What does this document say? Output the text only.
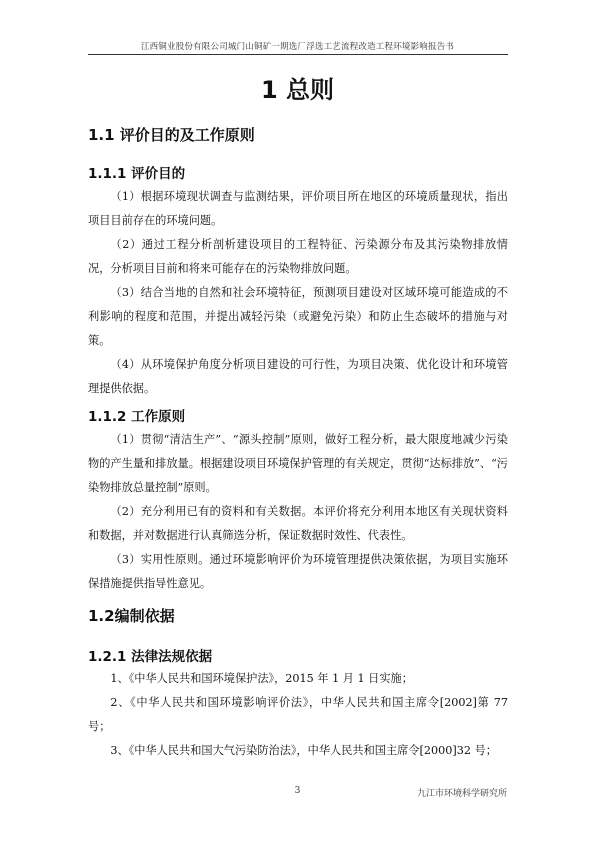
江西铜业股份有限公司城门山铜矿一期选厂浮选工艺流程改造工程环境影响报告书
1 总则
1.1 评价目的及工作原则
1.1.1 评价目的

（1）根据环境现状调查与监测结果，评价项目所在地区的环境质量现状，指出项目目前存在的环境问题。

（2）通过工程分析剖析建设项目的工程特征、污染源分布及其污染物排放情况，分析项目目前和将来可能存在的污染物排放问题。

（3）结合当地的自然和社会环境特征，预测项目建设对区域环境可能造成的不利影响的程度和范围，并提出减轻污染（或避免污染）和防止生态破坏的措施与对策。

（4）从环境保护角度分析项目建设的可行性，为项目决策、优化设计和环境管理提供依据。

1.1.2 工作原则

（1）贯彻“清洁生产”、“源头控制”原则，做好工程分析，最大限度地减少污染物的产生量和排放量。根据建设项目环境保护管理的有关规定，贯彻“达标排放”、“污染物排放总量控制”原则。

（2）充分利用已有的资料和有关数据。本评价将充分利用本地区有关现状资料和数据，并对数据进行认真筛选分析，保证数据时效性、代表性。

（3）实用性原则。通过环境影响评价为环境管理提供决策依据，为项目实施环保措施提供指导性意见。

1.2编制依据
1.2.1 法律法规依据

1、《中华人民共和国环境保护法》，2015 年 1 月 1 日实施；

2、《中华人民共和国环境影响评价法》，中华人民共和国主席令[2002]第 77 号；

3、《中华人民共和国大气污染防治法》，中华人民共和国主席令[2000]32 号；

3	九江市环境科学研究所
